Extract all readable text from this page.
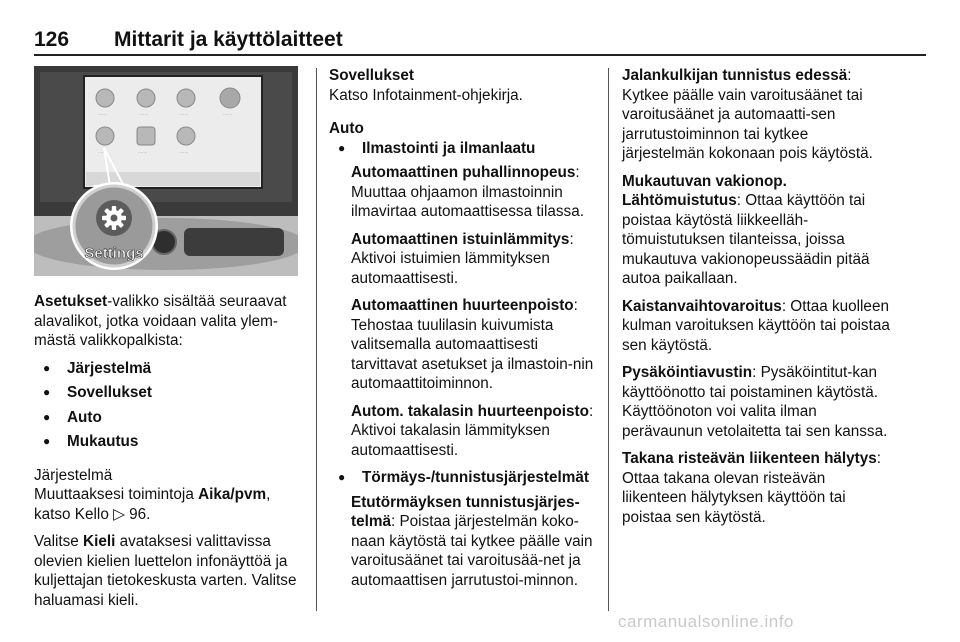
126 Mittarit ja käyttölaitteet
·······	·······	·······	·······
·······	·······	·······
Settings

Asetukset-valikko sisältää seuraavat alavalikot, jotka voidaan valita ylem-mästä valikkopalkista:

● Järjestelmä
● Sovellukset
● Auto
● Mukautus

Järjestelmä

Muuttaaksesi toimintoja Aika/pvm, katso Kello ▷ 96.

Valitse Kieli avataksesi valittavissa olevien kielien luettelon infonäyttöä ja kuljettajan tietokeskusta varten. Valitse haluamasi kieli.

Sovellukset

Katso Infotainment-ohjekirja.

Auto

● Ilmastointi ja ilmanlaatu

Automaattinen puhallinnopeus: Muuttaa ohjaamon ilmastoinnin ilmavirtaa automaattisessa tilassa.

Automaattinen istuinlämmitys: Aktivoi istuimien lämmityksen automaattisesti.

Automaattinen huurteenpoisto: Tehostaa tuulilasin kuivumista valitsemalla automaattisesti tarvittavat asetukset ja ilmastoin-nin automaattitoiminnon.

Autom. takalasin huurteenpoisto: Aktivoi takalasin lämmityksen automaattisesti.

● Törmäys-/tunnistusjärjestelmät

Etutörmäyksen tunnistusjärjes-telmä: Poistaa järjestelmän koko-naan käytöstä tai kytkee päälle vain varoitusäänet tai varoitusää-net ja automaattisen jarrutustoi-minnon.

Jalankulkijan tunnistus edessä: Kytkee päälle vain varoitusäänet tai varoitusäänet ja automaatti-sen jarrutustoiminnon tai kytkee järjestelmän kokonaan pois käytöstä.

Mukautuvan vakionop. Lähtömuistutus: Ottaa käyttöön tai poistaa käytöstä liikkeelläh-tömuistutuksen tilanteissa, joissa mukautuva vakionopeussäädin pitää autoa paikallaan.

Kaistanvaihtovaroitus: Ottaa kuolleen kulman varoituksen käyttöön tai poistaa sen käytöstä.

Pysäköintiavustin: Pysäköintitut-kan käyttöönotto tai poistaminen käytöstä. Käyttöönoton voi valita ilman perävaunun vetolaitetta tai sen kanssa.

Takana risteävän liikenteen hälytys: Ottaa takana olevan risteävän liikenteen hälytyksen käyttöön tai poistaa sen käytöstä.

carmanualsonline.info
